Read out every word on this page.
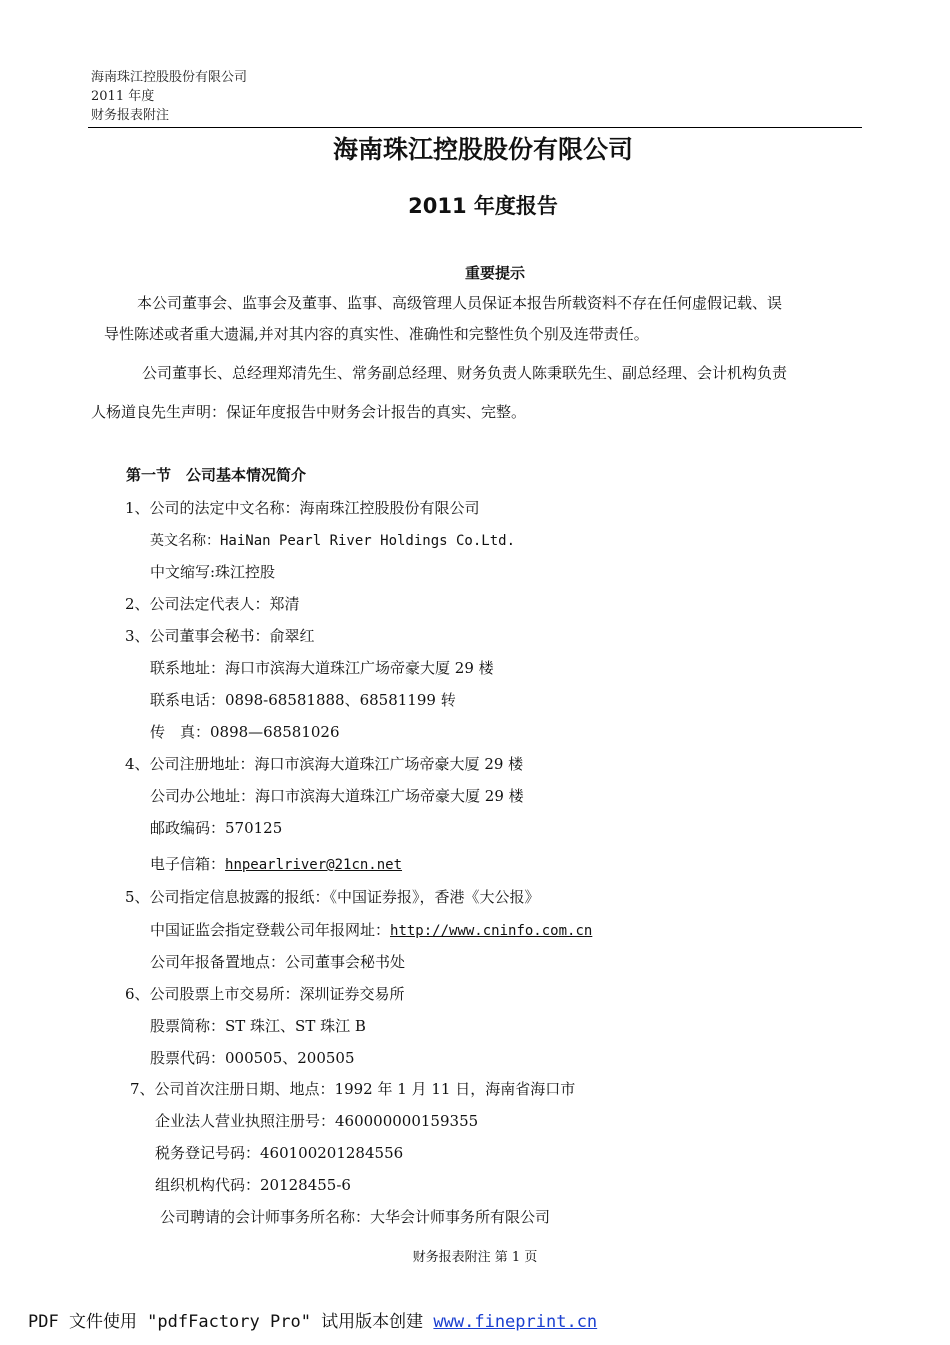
海南珠江控股股份有限公司
2011 年度
财务报表附注
海南珠江控股股份有限公司
2011 年度报告
重要提示
本公司董事会、监事会及董事、监事、高级管理人员保证本报告所载资料不存在任何虚假记载、误
导性陈述或者重大遗漏,并对其内容的真实性、准确性和完整性负个别及连带责任。
公司董事长、总经理郑清先生、常务副总经理、财务负责人陈秉联先生、副总经理、会计机构负责
人杨道良先生声明：保证年度报告中财务会计报告的真实、完整。
第一节　公司基本情况简介
1、公司的法定中文名称：海南珠江控股股份有限公司
英文名称：HaiNan Pearl River Holdings Co.Ltd.
中文缩写:珠江控股
2、公司法定代表人：郑清
3、公司董事会秘书：俞翠红
联系地址：海口市滨海大道珠江广场帝豪大厦 29 楼
联系电话：0898-68581888、68581199 转
传　真：0898—68581026
4、公司注册地址：海口市滨海大道珠江广场帝豪大厦 29 楼
公司办公地址：海口市滨海大道珠江广场帝豪大厦 29 楼
邮政编码：570125
电子信箱：hnpearlriver@21cn.net
5、公司指定信息披露的报纸：《中国证券报》，香港《大公报》
中国证监会指定登载公司年报网址：http://www.cninfo.com.cn
公司年报备置地点：公司董事会秘书处
6、公司股票上市交易所：深圳证券交易所
股票简称：ST 珠江、ST 珠江 B
股票代码：000505、200505
7、公司首次注册日期、地点：1992 年 1 月 11 日，海南省海口市
企业法人营业执照注册号：460000000159355
税务登记号码：460100201284556
组织机构代码：20128455-6
公司聘请的会计师事务所名称：大华会计师事务所有限公司
财务报表附注 第 1 页
PDF 文件使用 "pdfFactory Pro" 试用版本创建 www.fineprint.cn
